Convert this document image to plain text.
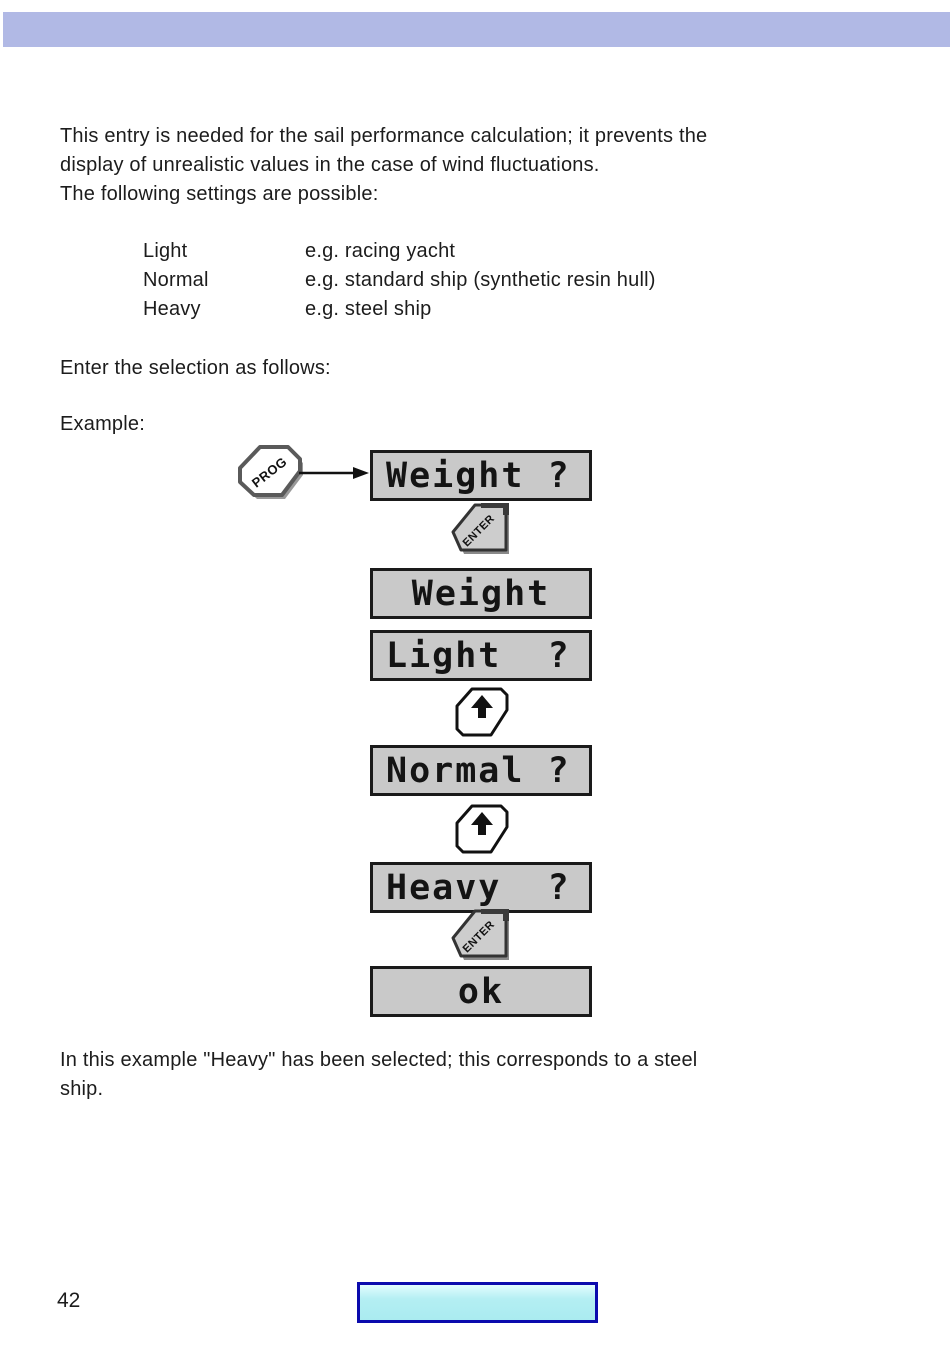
This entry is needed for the sail performance calculation; it prevents the
display of unrealistic values in the case of wind fluctuations.
The following settings are possible:
Light	e.g. racing yacht
Normal	e.g. standard ship (synthetic resin hull)
Heavy	e.g. steel ship
Enter the selection as follows:
Example:
PROG	Weight ?
Weight
Light  ?
Normal ?
Heavy  ?
ok
ENTER
ENTER
In this example "Heavy" has been selected; this corresponds to a steel
ship.
42
